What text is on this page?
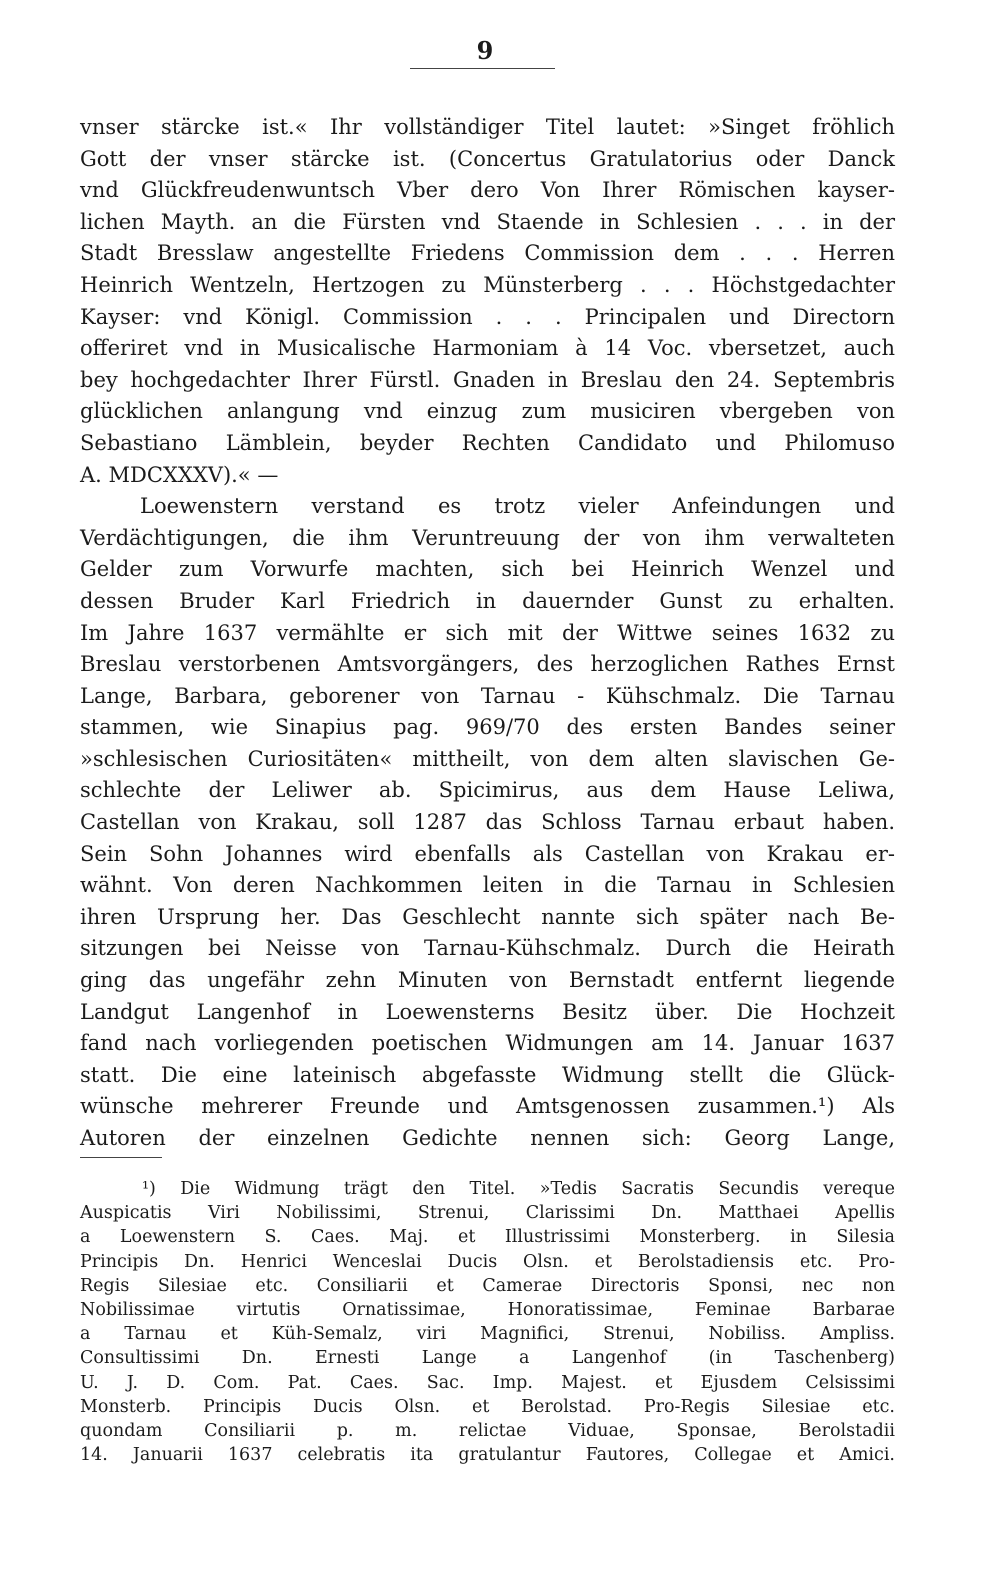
9
vnser stärcke ist.« Ihr vollständiger Titel lautet: »Singet fröhlich
Gott der vnser stärcke ist. (Concertus Gratulatorius oder Danck
vnd Glückfreudenwuntsch Vber dero Von Ihrer Römischen kayser-
lichen Mayth. an die Fürsten vnd Staende in Schlesien . . . in der
Stadt Bresslaw angestellte Friedens Commission dem . . . Herren
Heinrich Wentzeln, Hertzogen zu Münsterberg . . . Höchstgedachter
Kayser: vnd Königl. Commission . . . Principalen und Directorn
offeriret vnd in Musicalische Harmoniam à 14 Voc. vbersetzet, auch
bey hochgedachter Ihrer Fürstl. Gnaden in Breslau den 24. Septembris
glücklichen anlangung vnd einzug zum musiciren vbergeben von
Sebastiano Lämblein, beyder Rechten Candidato und Philomuso
A. MDCXXXV).« —
Loewenstern verstand es trotz vieler Anfeindungen und
Verdächtigungen, die ihm Veruntreuung der von ihm verwalteten
Gelder zum Vorwurfe machten, sich bei Heinrich Wenzel und
dessen Bruder Karl Friedrich in dauernder Gunst zu erhalten.
Im Jahre 1637 vermählte er sich mit der Wittwe seines 1632 zu
Breslau verstorbenen Amtsvorgängers, des herzoglichen Rathes Ernst
Lange, Barbara, geborener von Tarnau - Kühschmalz. Die Tarnau
stammen, wie Sinapius pag. 969/70 des ersten Bandes seiner
»schlesischen Curiositäten« mittheilt, von dem alten slavischen Ge-
schlechte der Leliwer ab. Spicimirus, aus dem Hause Leliwa,
Castellan von Krakau, soll 1287 das Schloss Tarnau erbaut haben.
Sein Sohn Johannes wird ebenfalls als Castellan von Krakau er-
wähnt. Von deren Nachkommen leiten in die Tarnau in Schlesien
ihren Ursprung her. Das Geschlecht nannte sich später nach Be-
sitzungen bei Neisse von Tarnau-Kühschmalz. Durch die Heirath
ging das ungefähr zehn Minuten von Bernstadt entfernt liegende
Landgut Langenhof in Loewensterns Besitz über. Die Hochzeit
fand nach vorliegenden poetischen Widmungen am 14. Januar 1637
statt. Die eine lateinisch abgefasste Widmung stellt die Glück-
wünsche mehrerer Freunde und Amtsgenossen zusammen.¹) Als
Autoren der einzelnen Gedichte nennen sich: Georg Lange,
¹) Die Widmung trägt den Titel. »Tedis Sacratis Secundis vereque
Auspicatis Viri Nobilissimi, Strenui, Clarissimi Dn. Matthaei Apellis
a Loewenstern S. Caes. Maj. et Illustrissimi Monsterberg. in Silesia
Principis Dn. Henrici Wenceslai Ducis Olsn. et Berolstadiensis etc. Pro-
Regis Silesiae etc. Consiliarii et Camerae Directoris Sponsi, nec non
Nobilissimae virtutis Ornatissimae, Honoratissimae, Feminae Barbarae
a Tarnau et Küh-Semalz, viri Magnifici, Strenui, Nobiliss. Ampliss.
Consultissimi Dn. Ernesti Lange a Langenhof (in Taschenberg)
U. J. D. Com. Pat. Caes. Sac. Imp. Majest. et Ejusdem Celsissimi
Monsterb. Principis Ducis Olsn. et Berolstad. Pro-Regis Silesiae etc.
quondam Consiliarii p. m. relictae Viduae, Sponsae, Berolstadii
14. Januarii 1637 celebratis ita gratulantur Fautores, Collegae et Amici.
